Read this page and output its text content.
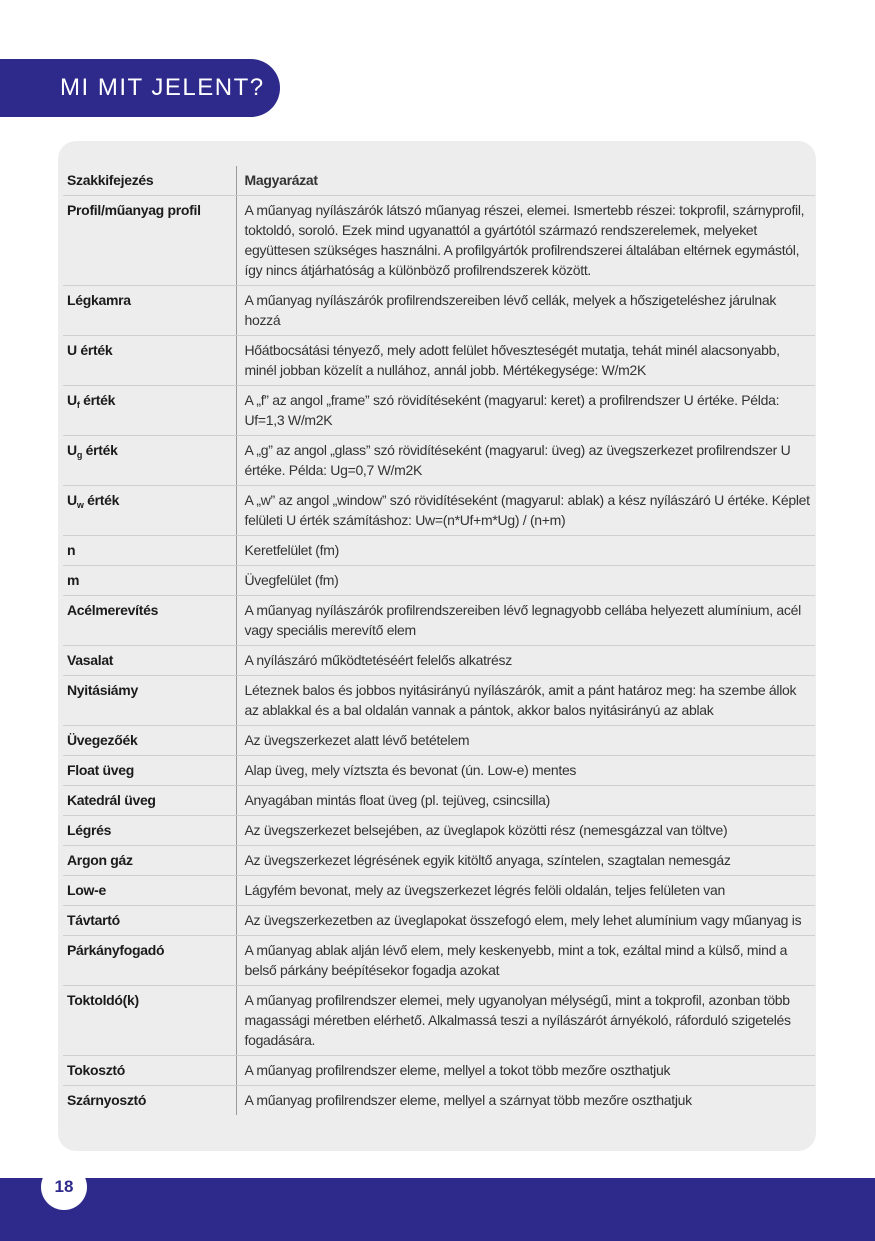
MI MIT JELENT?
Szakkifejezés	Magyarázat
Profil/műanyag profil	A műanyag nyílászárók látszó műanyag részei, elemei. Ismertebb részei: tokprofil, szárnyprofil, toktoldó, soroló. Ezek mind ugyanattól a gyártótól származó rendszerelemek, melyeket együttesen szükséges használni. A profilgyártók profilrendszerei általában eltérnek egymástól, így nincs átjárhatóság a különböző profilrendszerek között.
Légkamra	A műanyag nyílászárók profilrendszereiben lévő cellák, melyek a hőszigeteléshez járulnak hozzá
U érték	Hőátbocsátási tényező, mely adott felület hőveszteségét mutatja, tehát minél alacsonyabb, minél jobban közelít a nullához, annál jobb. Mértékegysége: W/m2K
$U_f$ érték	A „f” az angol „frame” szó rövidítéseként (magyarul: keret) a profilrendszer U értéke. Példa: Uf=1,3 W/m2K
$U_g$ érték	A „g” az angol „glass” szó rövidítéseként (magyarul: üveg) az üvegszerkezet profilrendszer U értéke. Példa: Ug=0,7 W/m2K
$U_w$ érték	A „w” az angol „window” szó rövidítéseként (magyarul: ablak) a kész nyílászáró U értéke. Képlet felületi U érték számításhoz: Uw=(n*Uf+m*Ug) / (n+m)
n	Keretfelület (fm)
m	Üvegfelület (fm)
Acélmerevítés	A műanyag nyílászárók profilrendszereiben lévő legnagyobb cellába helyezett alumínium, acél vagy speciális merevítő elem
Vasalat	A nyílászáró működtetéséért felelős alkatrész
Nyitásiámy	Léteznek balos és jobbos nyitásirányú nyílászárók, amit a pánt határoz meg: ha szembe állok az ablakkal és a bal oldalán vannak a pántok, akkor balos nyitásirányú az ablak
Üvegezőék	Az üvegszerkezet alatt lévő betételem
Float üveg	Alap üveg, mely víztszta és bevonat (ún. Low-e) mentes
Katedrál üveg	Anyagában mintás float üveg (pl. tejüveg, csincsilla)
Légrés	Az üvegszerkezet belsejében, az üveglapok közötti rész (nemesgázzal van töltve)
Argon gáz	Az üvegszerkezet légrésének egyik kitöltő anyaga, színtelen, szagtalan nemesgáz
Low-e	Lágyfém bevonat, mely az üvegszerkezet légrés felöli oldalán, teljes felületen van
Távtartó	Az üvegszerkezetben az üveglapokat összefogó elem, mely lehet alumínium vagy műanyag is
Párkányfogadó	A műanyag ablak alján lévő elem, mely keskenyebb, mint a tok, ezáltal mind a külső, mind a belső párkány beépítésekor fogadja azokat
Toktoldó(k)	A műanyag profilrendszer elemei, mely ugyanolyan mélységű, mint a tokprofil, azonban több magassági méretben elérhető. Alkalmassá teszi a nyílászárót árnyékoló, ráforduló szigetelés fogadására.
Tokosztó	A műanyag profilrendszer eleme, mellyel a tokot több mezőre oszthatjuk
Szárnyosztó	A műanyag profilrendszer eleme, mellyel a szárnyat több mezőre oszthatjuk
18
